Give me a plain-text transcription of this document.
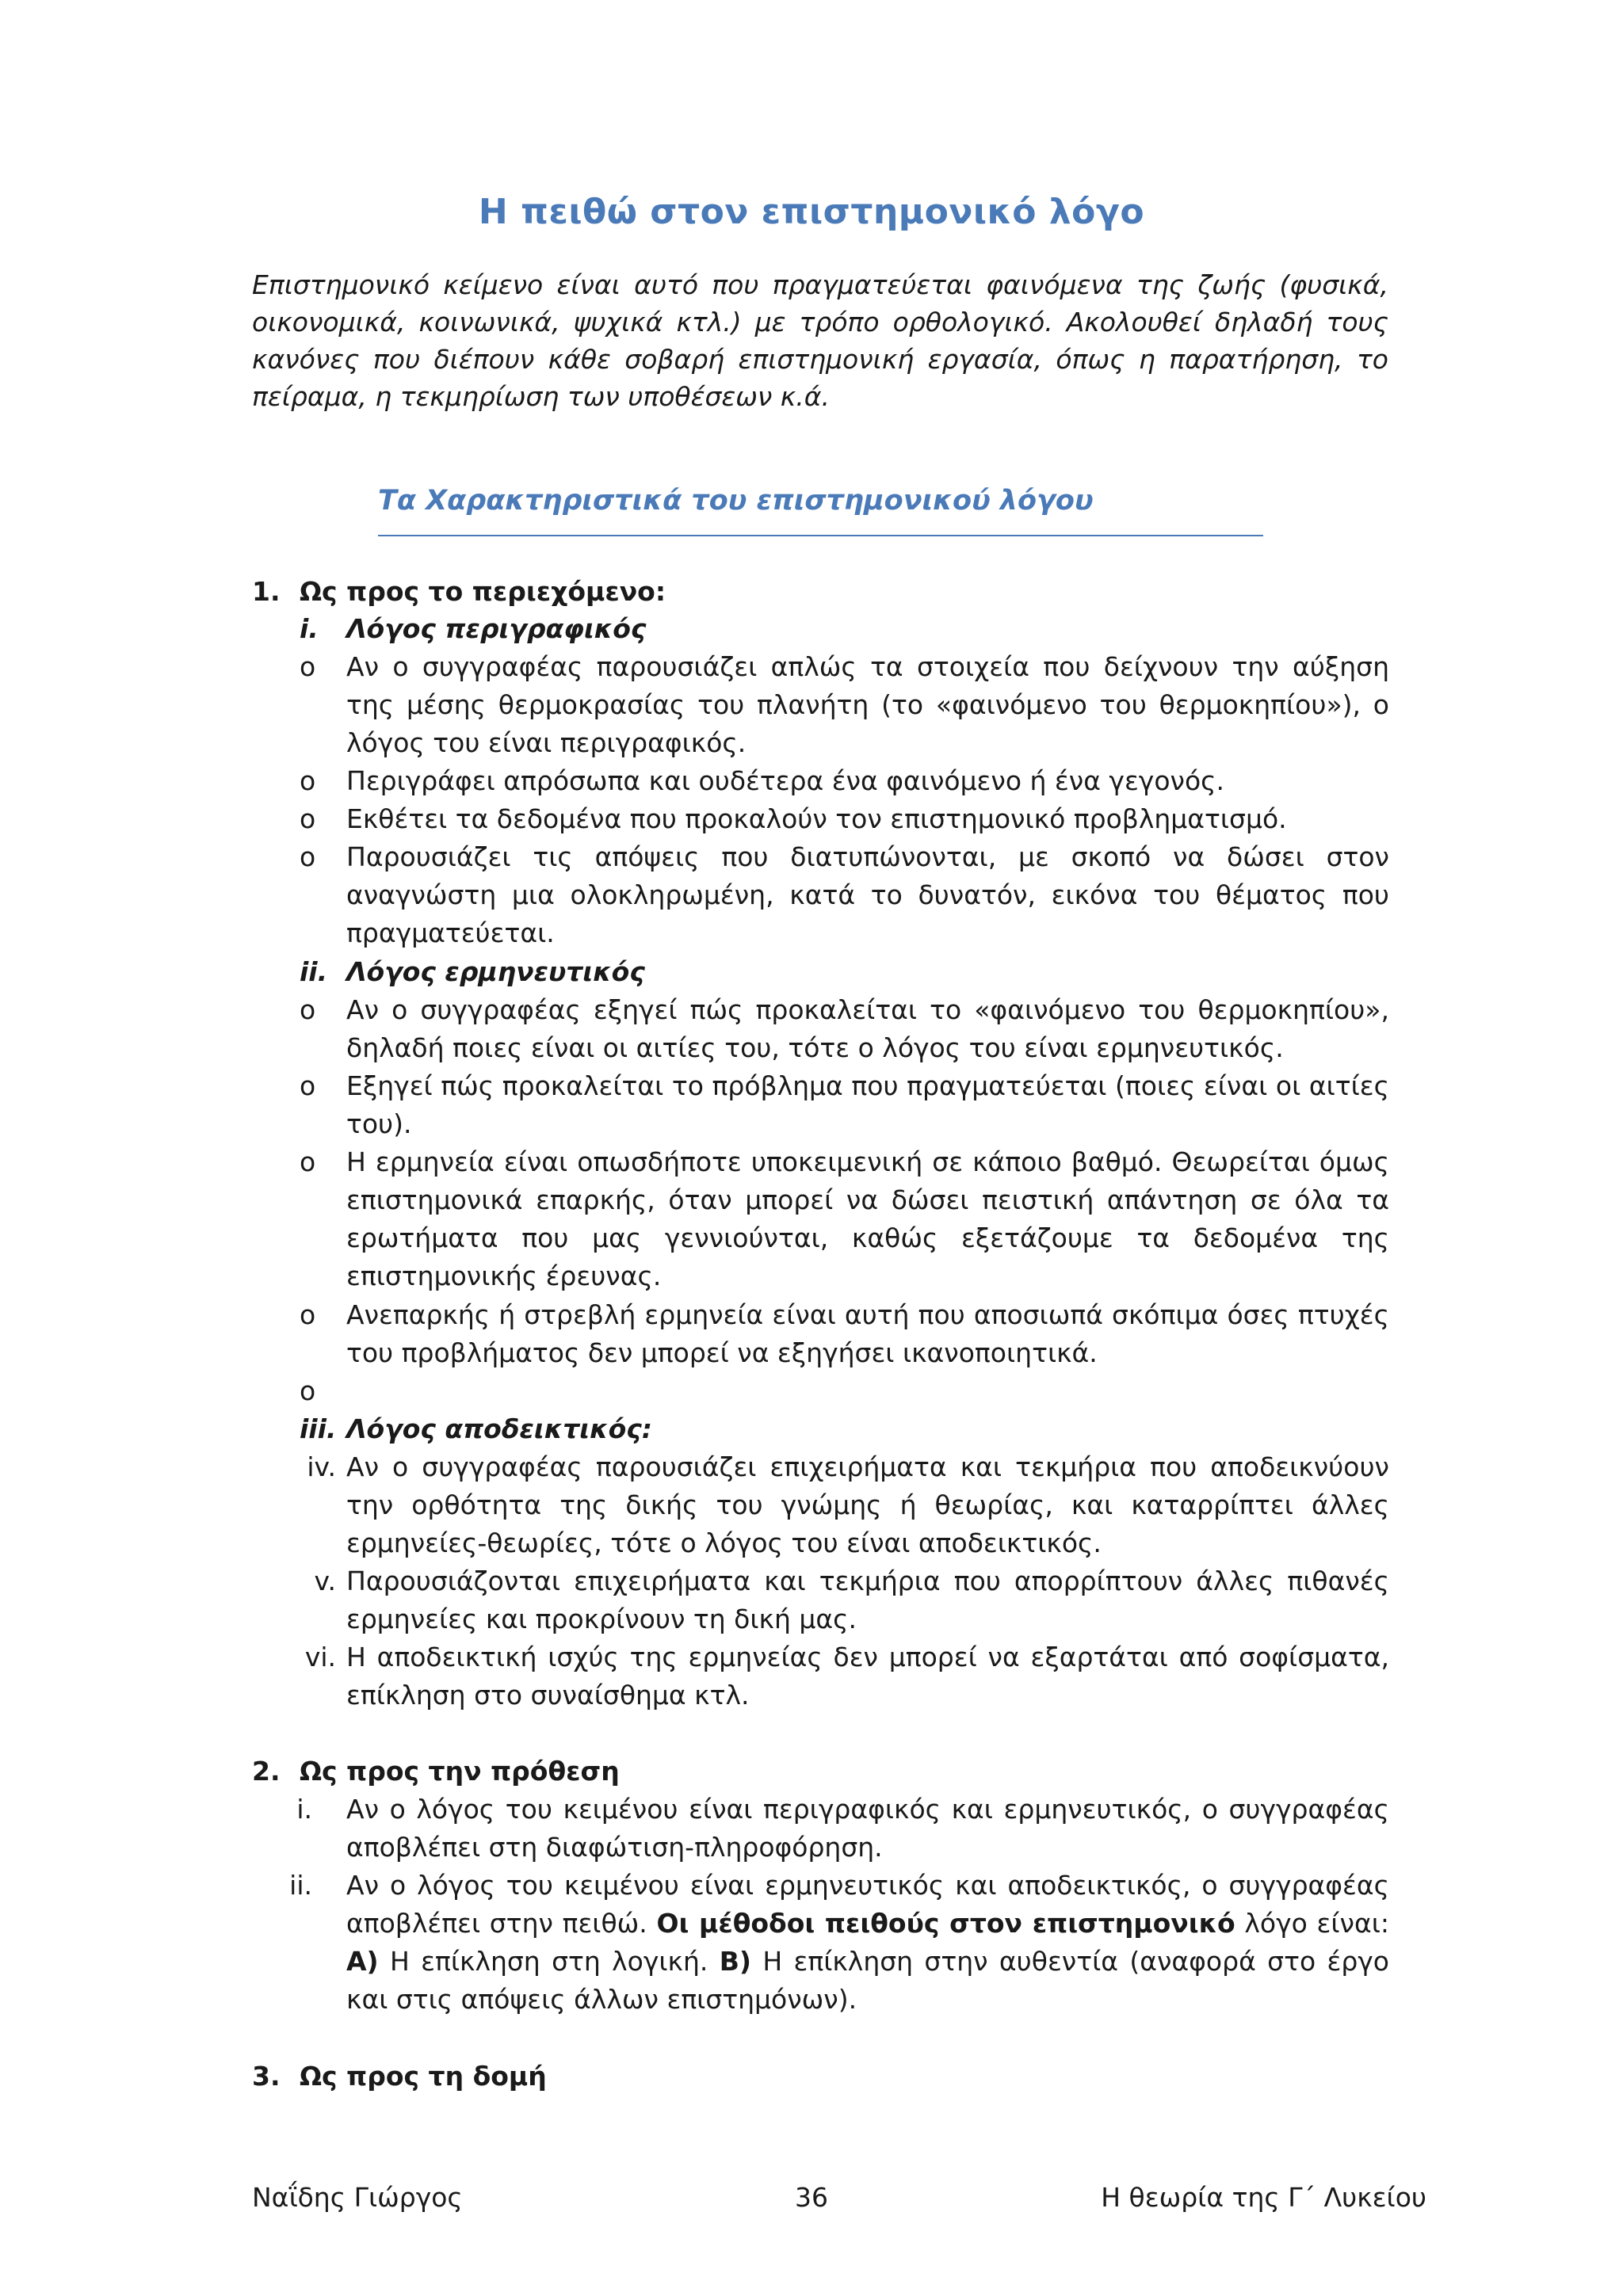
Η πειθώ στον επιστημονικό λόγο
Επιστημονικό κείμενο είναι αυτό που πραγματεύεται φαινόμενα της ζωής (φυσικά, οικονομικά, κοινωνικά, ψυχικά κτλ.) με τρόπο ορθολογικό. Ακολουθεί δηλαδή τους κανόνες που διέπουν κάθε σοβαρή επιστημονική εργασία, όπως η παρατήρηση, το πείραμα, η τεκμηρίωση των υποθέσεων κ.ά.
Τα Χαρακτηριστικά του επιστημονικού λόγου
1. Ως προς το περιεχόμενο:
i. Λόγος περιγραφικός
o Αν ο συγγραφέας παρουσιάζει απλώς τα στοιχεία που δείχνουν την αύξηση της μέσης θερμοκρασίας του πλανήτη (το «φαινόμενο του θερμοκηπίου»), ο λόγος του είναι περιγραφικός.
o Περιγράφει απρόσωπα και ουδέτερα ένα φαινόμενο ή ένα γεγονός.
o Εκθέτει τα δεδομένα που προκαλούν τον επιστημονικό προβληματισμό.
o Παρουσιάζει τις απόψεις που διατυπώνονται, με σκοπό να δώσει στον αναγνώστη μια ολοκληρωμένη, κατά το δυνατόν, εικόνα του θέματος που πραγματεύεται.
ii. Λόγος ερμηνευτικός
o Αν ο συγγραφέας εξηγεί πώς προκαλείται το «φαινόμενο του θερμοκηπίου», δηλαδή ποιες είναι οι αιτίες του, τότε ο λόγος του είναι ερμηνευτικός.
o Εξηγεί πώς προκαλείται το πρόβλημα που πραγματεύεται (ποιες είναι οι αιτίες του).
o Η ερμηνεία είναι οπωσδήποτε υποκειμενική σε κάποιο βαθμό. Θεωρείται όμως επιστημονικά επαρκής, όταν μπορεί να δώσει πειστική απάντηση σε όλα τα ερωτήματα που μας γεννιούνται, καθώς εξετάζουμε τα δεδομένα της επιστημονικής έρευνας.
o Ανεπαρκής ή στρεβλή ερμηνεία είναι αυτή που αποσιωπά σκόπιμα όσες πτυχές του προβλήματος δεν μπορεί να εξηγήσει ικανοποιητικά.
o
iii. Λόγος αποδεικτικός:
iv. Αν ο συγγραφέας παρουσιάζει επιχειρήματα και τεκμήρια που αποδεικνύουν την ορθότητα της δικής του γνώμης ή θεωρίας, και καταρρίπτει άλλες ερμηνείες-θεωρίες, τότε ο λόγος του είναι αποδεικτικός.
v. Παρουσιάζονται επιχειρήματα και τεκμήρια που απορρίπτουν άλλες πιθανές ερμηνείες και προκρίνουν τη δική μας.
vi. Η αποδεικτική ισχύς της ερμηνείας δεν μπορεί να εξαρτάται από σοφίσματα, επίκληση στο συναίσθημα κτλ.
2. Ως προς την πρόθεση
i. Αν ο λόγος του κειμένου είναι περιγραφικός και ερμηνευτικός, ο συγγραφέας αποβλέπει στη διαφώτιση-πληροφόρηση.
ii. Αν ο λόγος του κειμένου είναι ερμηνευτικός και αποδεικτικός, ο συγγραφέας αποβλέπει στην πειθώ. Οι μέθοδοι πειθούς στον επιστημονικό λόγο είναι: Α) Η επίκληση στη λογική. Β) Η επίκληση στην αυθεντία (αναφορά στο έργο και στις απόψεις άλλων επιστημόνων).
3. Ως προς τη δομή
Ναΐδης Γιώργος	36	Η θεωρία της Γ΄ Λυκείου
